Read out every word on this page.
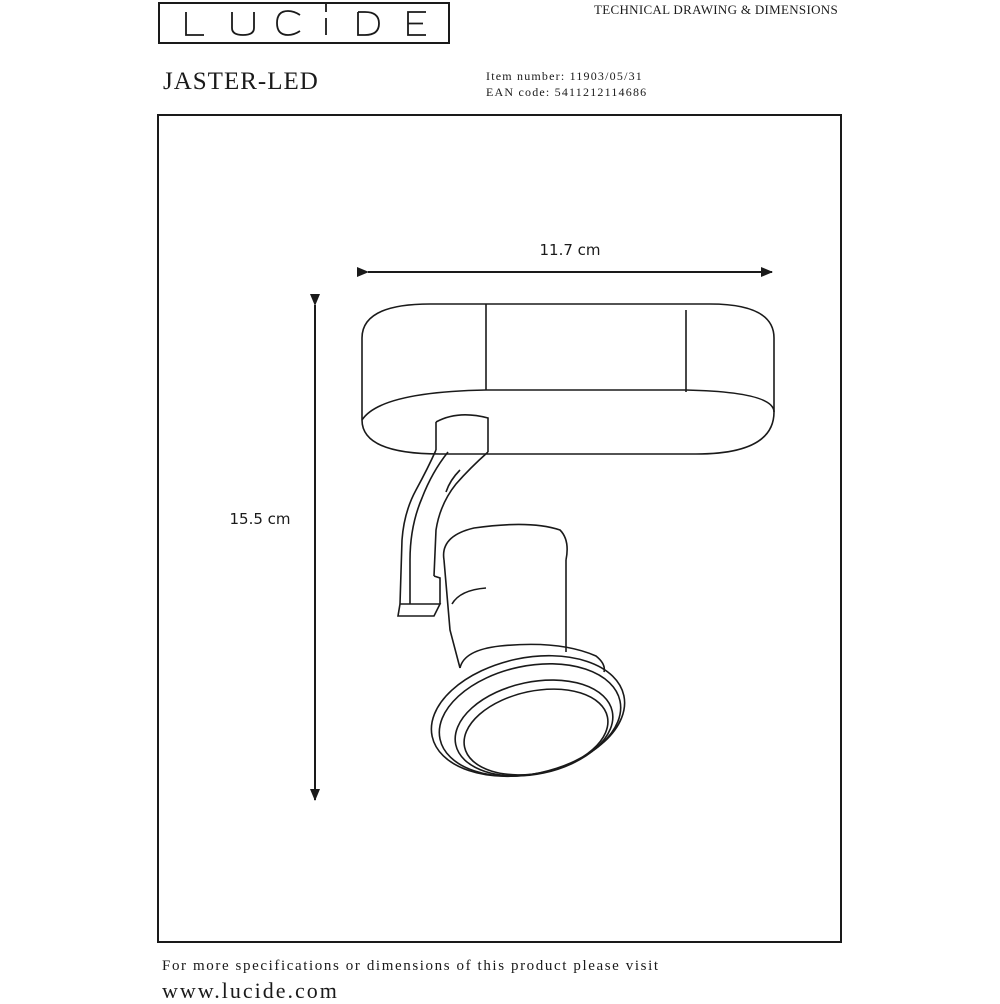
TECHNICAL DRAWING & DIMENSIONS
JASTER-LED	Item number: 11903/05/31
EAN code: 5411212114686
11.7 cm
15.5 cm
For more specifications or dimensions of this product please visit
www.lucide.com
